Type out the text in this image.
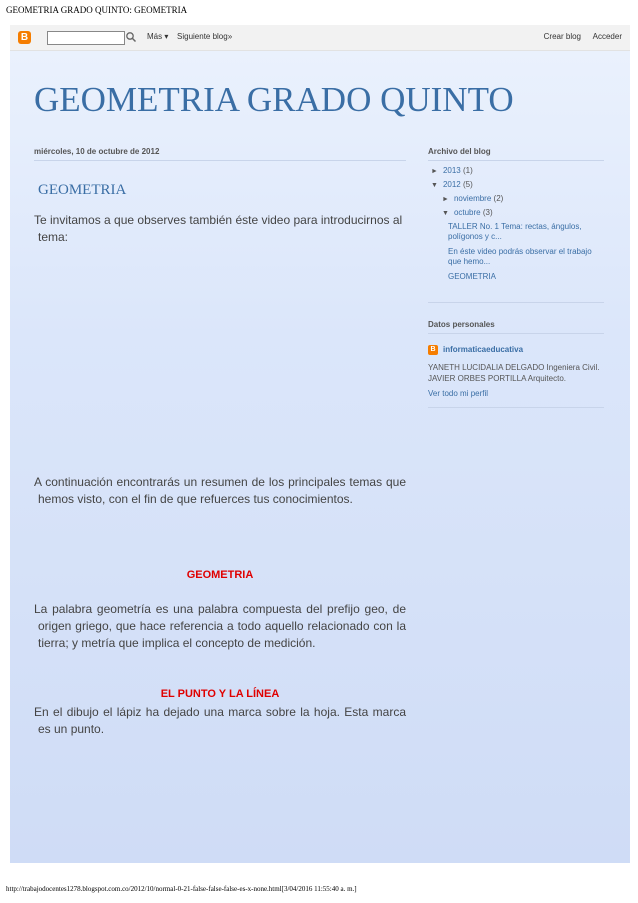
GEOMETRIA GRADO QUINTO: GEOMETRIA
B	Más ▾ Siguiente blog»	Crear blog Acceder
GEOMETRIA GRADO QUINTO
miércoles, 10 de octubre de 2012
GEOMETRIA

Te invitamos a que observes también éste video para introducirnos al tema:

A continuación encontrarás un resumen de los principales temas que hemos visto, con el fin de que refuerces tus conocimientos.

GEOMETRIA

La palabra geometría es una palabra compuesta del prefijo geo, de origen griego, que hace referencia a todo aquello relacionado con la tierra; y metría que implica el concepto de medición.

EL PUNTO Y LA LÍNEA

En el dibujo el lápiz ha dejado una marca sobre la hoja. Esta marca es un punto.

Archivo del blog
► 2013 (1)
▼ 2012 (5)
► noviembre (2)
▼ octubre (3)
TALLER No. 1 Tema: rectas, ángulos, polígonos y c...
En éste video podrás observar el trabajo que hemo...
GEOMETRIA
Datos personales
B informaticaeducativa
YANETH LUCIDALIA DELGADO Ingeniera Civil. JAVIER ORBES PORTILLA Arquitecto.
Ver todo mi perfil
http://trabajodocentes1278.blogspot.com.co/2012/10/normal-0-21-false-false-false-es-x-none.html[3/04/2016 11:55:40 a. m.]
